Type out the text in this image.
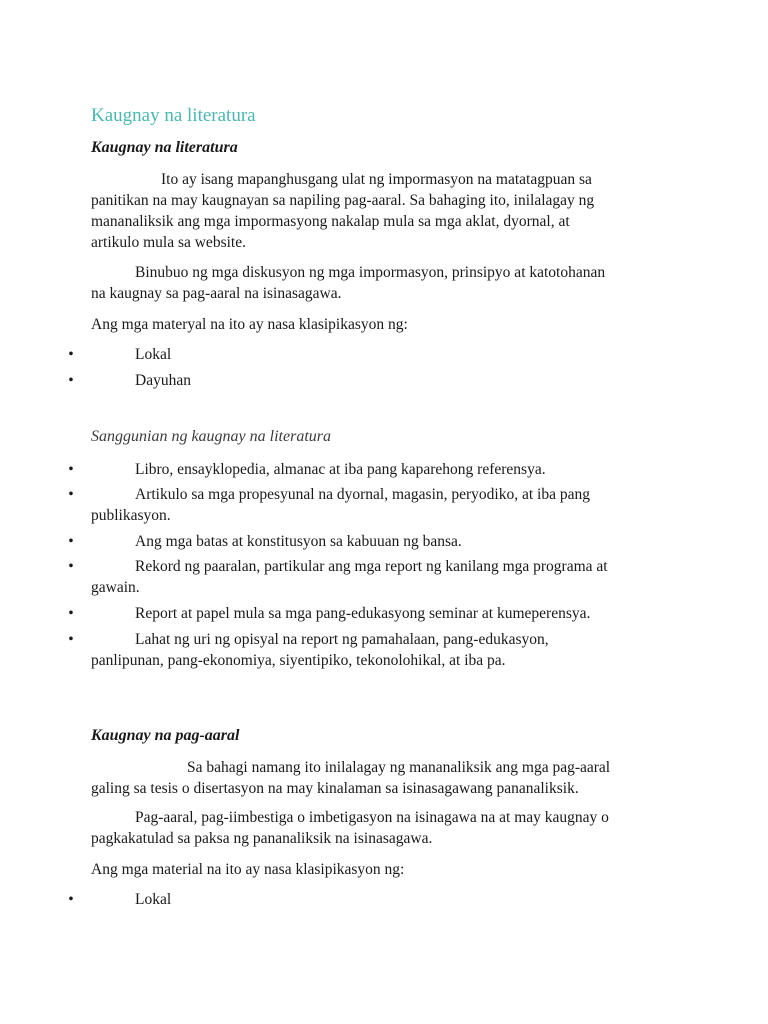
Kaugnay na literatura
Kaugnay na literatura

Ito ay isang mapanghusgang ulat ng impormasyon na matatagpuan sa
panitikan na may kaugnayan sa napiling pag-aaral. Sa bahaging ito, inilalagay ng
mananaliksik ang mga impormasyong nakalap mula sa mga aklat, dyornal, at
artikulo mula sa website.

Binubuo ng mga diskusyon ng mga impormasyon, prinsipyo at katotohanan
na kaugnay sa pag-aaral na isinasagawa.

Ang mga materyal na ito ay nasa klasipikasyon ng:

•	Lokal
•	Dayuhan
Sanggunian ng kaugnay na literatura
•	Libro, ensayklopedia, almanac at iba pang kaparehong referensya.
•	Artikulo sa mga propesyunal na dyornal, magasin, peryodiko, at iba pang
publikasyon.
•	Ang mga batas at konstitusyon sa kabuuan ng bansa.
•	Rekord ng paaralan, partikular ang mga report ng kanilang mga programa at
gawain.
•	Report at papel mula sa mga pang-edukasyong seminar at kumeperensya.
•	Lahat ng uri ng opisyal na report ng pamahalaan, pang-edukasyon,
panlipunan, pang-ekonomiya, siyentipiko, tekonolohikal, at iba pa.
Kaugnay na pag-aaral

Sa bahagi namang ito inilalagay ng mananaliksik ang mga pag-aaral
galing sa tesis o disertasyon na may kinalaman sa isinasagawang pananaliksik.

Pag-aaral, pag-iimbestiga o imbetigasyon na isinagawa na at may kaugnay o
pagkakatulad sa paksa ng pananaliksik na isinasagawa.

Ang mga material na ito ay nasa klasipikasyon ng:

•	Lokal
